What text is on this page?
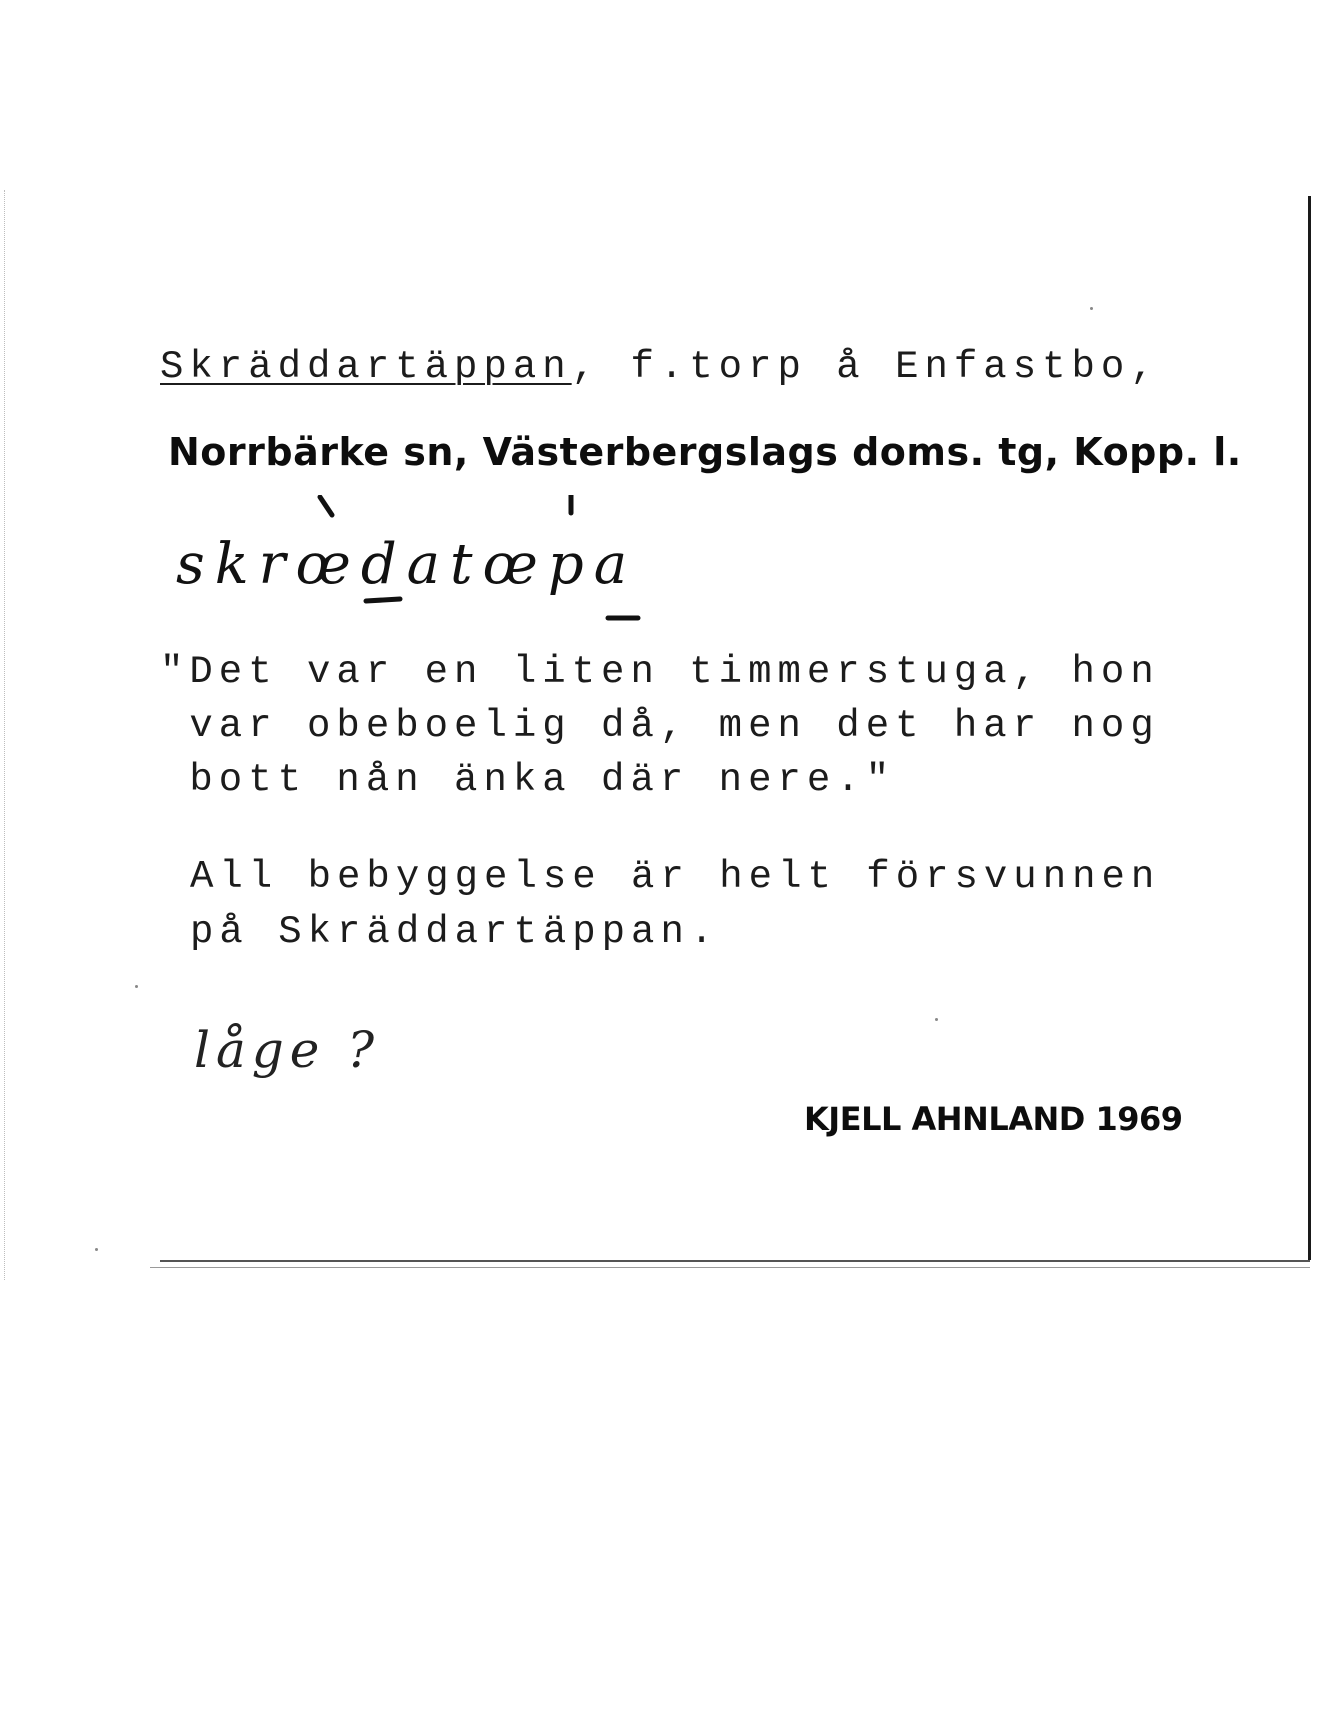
Skräddartäppan, f.torp å Enfastbo,
Norrbärke sn, Västerbergslags doms. tg, Kopp. l.
skrœdatœpa
"Det var en liten timmerstuga, hon
var obeboelig då, men det har nog
bott nån änka där nere."
All bebyggelse är helt försvunnen
på Skräddartäppan.
låge ?
KJELL AHNLAND 1969
